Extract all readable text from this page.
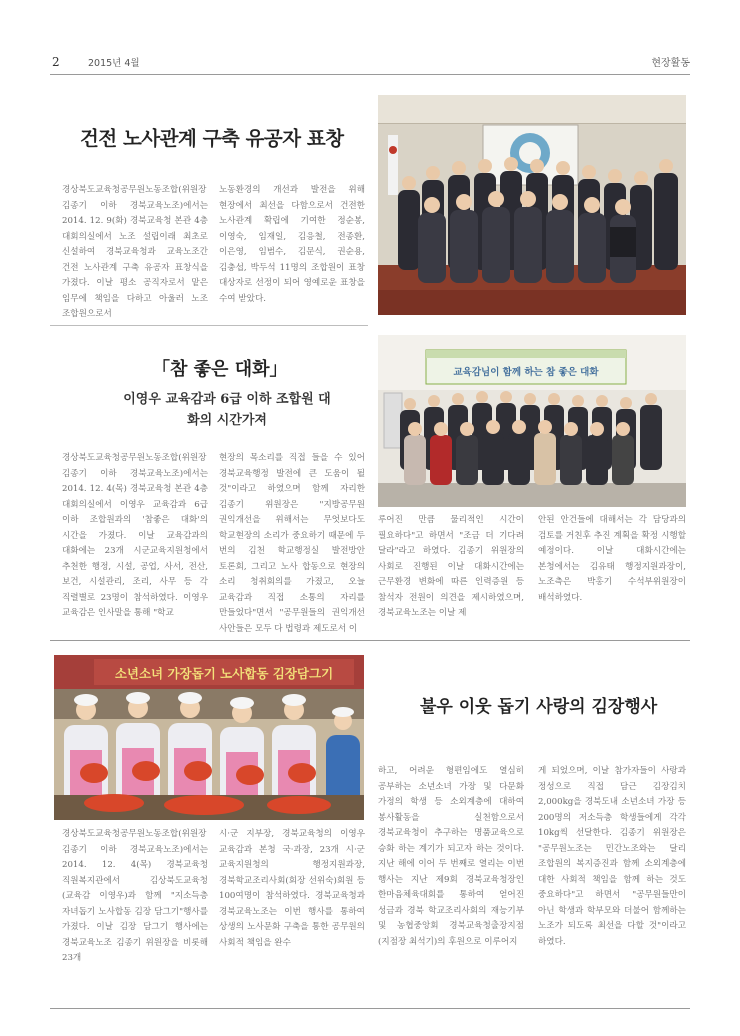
2	2015년 4월	현장활동
건전 노사관계 구축 유공자 표창
경상북도교육청공무원노동조합(위원장 김종기 이하 경북교육노조)에서는 2014. 12. 9(화) 경북교육청 본관 4층 대회의실에서 노조 설립이래 최초로 신설하여 경북교육청과 교육노조간 건전 노사관계 구축 유공자 표창식을 가졌다. 이날 평소 공직자로서 맡은 임무에 책임을 다하고 아울러 노조 조합원으로서
노동환경의 개선과 발전을 위해 현장에서 최선을 다함으로서 건전한 노사관계 확립에 기여한 정순봉, 이영숙, 임재일, 김응철, 전종환, 이은영, 임범수, 김문식, 권순용, 김충섭, 박두석 11명의 조합원이 표창 대상자로 선정이 되어 영예로운 표창을 수여 받았다.
「참 좋은 대화」
이영우 교육감과 6급 이하 조합원 대화의 시간가져
교육감님이 함께 하는 참 좋은 대화
경상북도교육청공무원노동조합(위원장 김종기 이하 경북교육노조)에서는 2014. 12. 4(목) 경북교육청 본관 4층 대회의실에서 이영우 교육감과 6급 이하 조합원과의 '참좋은 대화'의 시간을 가졌다. 이날 교육감과의 대화에는 23개 시군교육지원청에서 추천한 행정, 시설, 공업, 사서, 전산, 보건, 시설관리, 조리, 사무 등 각 직렬별로 23명이 참석하였다. 이영우 교육감은 인사말을 통해 "학교
현장의 목소리를 직접 들을 수 있어 경북교육행정 발전에 큰 도움이 될 것"이라고 하였으며 함께 자리한 김종기 위원장은 "지방공무원 권익개선을 위해서는 무엇보다도 학교현장의 소리가 중요하기 때문에 두 번의 김천 학교행정실 발전방안 토론회, 그리고 노사 합동으로 현장의 소리 청취회의를 가졌고, 오늘 교육감과 직접 소통의 자리를 만들었다"면서 "공무원들의 권익개선 사안들은 모두 다 법령과 제도로서 이
루어진 만큼 물리적인 시간이 필요하다"고 하면서 "조금 더 기다려 달라"라고 하였다. 김종기 위원장의 사회로 진행된 이날 대화시간에는 근무환경 변화에 따른 인력증원 등 참석자 전원이 의견을 제시하였으며, 경북교육노조는 이날 제
안된 안건들에 대해서는 각 담당과의 검토를 거친후 추진 계획을 확정 시행할 예정이다. 이날 대화시간에는 본청에서는 김유태 행정지원과장이, 노조측은 박홍기 수석부위원장이 배석하였다.
소년소녀 가장돕기 노사합동 김장담그기
불우 이웃 돕기 사랑의 김장행사
하고, 어려운 형편임에도 열심히 공부하는 소년소녀 가장 및 다문화 가정의 학생 등 소외계층에 대하여 봉사활동을 실천함으로서 경북교육청이 추구하는 명품교육으로 승화 하는 계기가 되고자 하는 것이다. 지난 해에 이어 두 번째로 열리는 이번 행사는 지난 제9회 경북교육청장인 한마음체육대회를 통하여 얻어진 성금과 경북 학교조리사회의 재능기부 및 농협중앙회 경북교육청출장지점(지점장 최석기)의 후원으로 이루어지
게 되었으며, 이날 참가자들이 사랑과 정성으로 직접 담근 김장김치 2,000kg을 경북도내 소년소녀 가장 등 200명의 저소득층 학생들에게 각각 10kg씩 선달한다. 김종기 위원장은 "공무원노조는 민간노조와는 달리 조합원의 복지증진과 함께 소외계층에 대한 사회적 책임을 함께 하는 것도 중요하다"고 하면서 "공무원들만이 아닌 학생과 학부모와 더불어 함께하는 노조가 되도록 최선을 다할 것"이라고 하였다.
경상북도교육청공무원노동조합(위원장 김종기 이하 경북교육노조)에서는 2014. 12. 4(목) 경북교육청 직원복지관에서 김상북도교육청(교육감 이영우)과 함께 "지소득층 자녀돕기 노사합동 김장 담그기"행사를 가졌다. 이날 김장 담그기 행사에는 경북교육노조 김종기 위원장을 비롯해 23개
시·군 지부장, 경북교육청의 이영우 교육감과 본청 국·과장, 23개 시·군 교육지원청의 행정지원과장, 경북학교조리사회(회장 선위숙)회원 등 100여명이 참석하였다. 경북교육청과 경북교육노조는 이번 행사를 통하여 상생의 노사문화 구축을 통한 공무원의 사회적 책임을 완수
